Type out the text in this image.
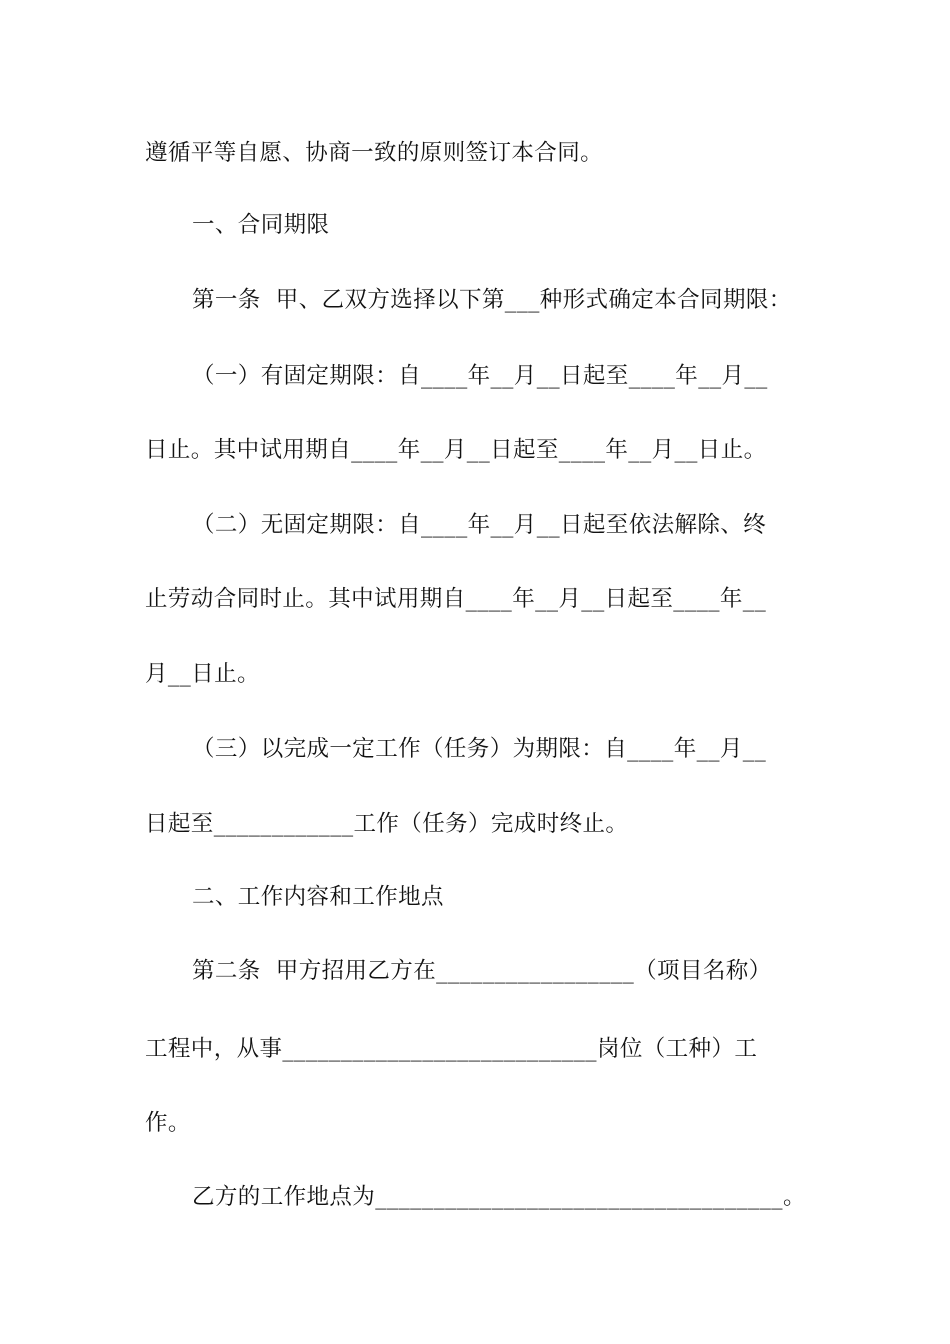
遵循平等自愿、协商一致的原则签订本合同。
一、合同期限
第一条  甲、乙双方选择以下第___种形式确定本合同期限：
（一）有固定期限：自____年__月__日起至____年__月__
日止。其中试用期自____年__月__日起至____年__月__日止。
（二）无固定期限：自____年__月__日起至依法解除、终
止劳动合同时止。其中试用期自____年__月__日起至____年__
月__日止。
（三）以完成一定工作（任务）为期限：自____年__月__
日起至____________工作（任务）完成时终止。
二、工作内容和工作地点
第二条  甲方招用乙方在_________________（项目名称）
工程中，从事___________________________岗位（工种）工
作。
乙方的工作地点为___________________________________。
